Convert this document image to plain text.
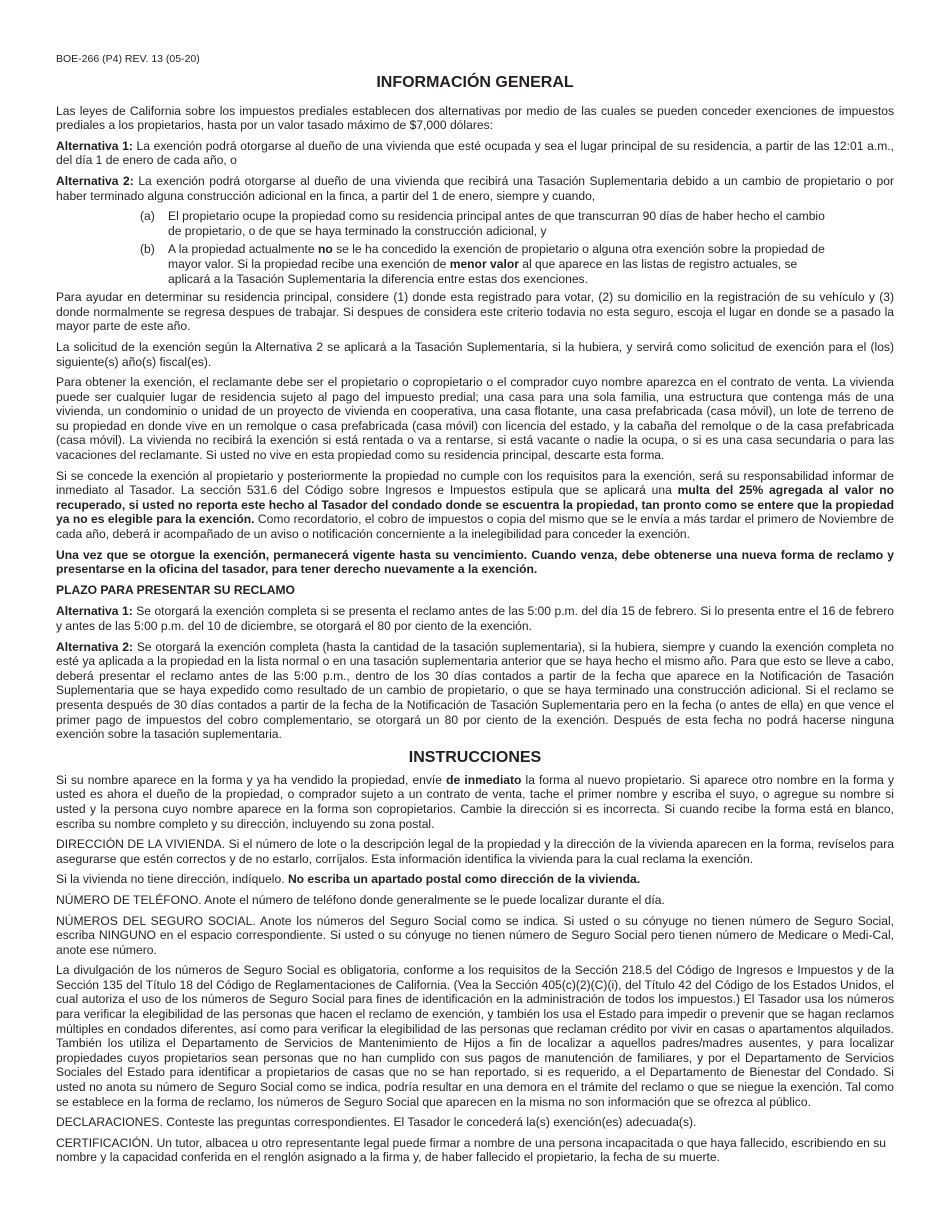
BOE-266 (P4) REV. 13 (05-20)
INFORMACIÓN GENERAL

Las leyes de California sobre los impuestos prediales establecen dos alternativas por medio de las cuales se pueden conceder exenciones de impuestos prediales a los propietarios, hasta por un valor tasado máximo de $7,000 dólares:

Alternativa 1: La exención podrá otorgarse al dueño de una vivienda que esté ocupada y sea el lugar principal de su residencia, a partir de las 12:01 a.m., del día 1 de enero de cada año, o

Alternativa 2: La exención podrá otorgarse al dueño de una vivienda que recibirá una Tasación Suplementaria debido a un cambio de propietario o por haber terminado alguna construcción adicional en la finca, a partir del 1 de enero, siempre y cuando,

(a)	El propietario ocupe la propiedad como su residencia principal antes de que transcurran 90 días de haber hecho el cambio de propietario, o de que se haya terminado la construcción adicional, y
(b)	A la propiedad actualmente no se le ha concedido la exención de propietario o alguna otra exención sobre la propiedad de mayor valor. Si la propiedad recibe una exención de menor valor al que aparece en las listas de registro actuales, se aplicará a la Tasación Suplementaria la diferencia entre estas dos exenciones.

Para ayudar en determinar su residencia principal, considere (1) donde esta registrado para votar, (2) su domicilio en la registración de su vehículo y (3) donde normalmente se regresa despues de trabajar. Si despues de considera este criterio todavia no esta seguro, escoja el lugar en donde se a pasado la mayor parte de este año.

La solicitud de la exención según la Alternativa 2 se aplicará a la Tasación Suplementaria, si la hubiera, y servirá como solicitud de exención para el (los) siguiente(s) año(s) fiscal(es).

Para obtener la exención, el reclamante debe ser el propietario o copropietario o el comprador cuyo nombre aparezca en el contrato de venta. La vivienda puede ser cualquier lugar de residencia sujeto al pago del impuesto predial; una casa para una sola familia, una estructura que contenga más de una vivienda, un condominio o unidad de un proyecto de vivienda en cooperativa, una casa flotante, una casa prefabricada (casa móvil), un lote de terreno de su propiedad en donde vive en un remolque o casa prefabricada (casa móvil) con licencia del estado, y la cabaña del remolque o de la casa prefabricada (casa móvil). La vivienda no recibirá la exención si está rentada o va a rentarse, si está vacante o nadie la ocupa, o si es una casa secundaria o para las vacaciones del reclamante. Si usted no vive en esta propiedad como su residencia principal, descarte esta forma.

Si se concede la exención al propietario y posteriormente la propiedad no cumple con los requisitos para la exención, será su responsabilidad informar de inmediato al Tasador. La sección 531.6 del Código sobre Ingresos e Impuestos estipula que se aplicará una multa del 25% agregada al valor no recuperado, si usted no reporta este hecho al Tasador del condado donde se escuentra la propiedad, tan pronto como se entere que la propiedad ya no es elegible para la exención. Como recordatorio, el cobro de impuestos o copia del mismo que se le envía a más tardar el primero de Noviembre de cada año, deberá ir acompañado de un aviso o notificación concerniente a la inelegibilidad para conceder la exención.

Una vez que se otorgue la exención, permanecerá vigente hasta su vencimiento. Cuando venza, debe obtenerse una nueva forma de reclamo y presentarse en la oficina del tasador, para tener derecho nuevamente a la exención.

PLAZO PARA PRESENTAR SU RECLAMO

Alternativa 1: Se otorgará la exención completa si se presenta el reclamo antes de las 5:00 p.m. del día 15 de febrero. Si lo presenta entre el 16 de febrero y antes de las 5:00 p.m. del 10 de diciembre, se otorgará el 80 por ciento de la exención.

Alternativa 2: Se otorgará la exención completa (hasta la cantidad de la tasación suplementaria), si la hubiera, siempre y cuando la exención completa no esté ya aplicada a la propiedad en la lista normal o en una tasación suplementaria anterior que se haya hecho el mismo año. Para que esto se lleve a cabo, deberá presentar el reclamo antes de las 5:00 p.m., dentro de los 30 días contados a partir de la fecha que aparece en la Notificación de Tasación Suplementaria que se haya expedido como resultado de un cambio de propietario, o que se haya terminado una construcción adicional. Si el reclamo se presenta después de 30 días contados a partir de la fecha de la Notificación de Tasación Suplementaria pero en la fecha (o antes de ella) en que vence el primer pago de impuestos del cobro complementario, se otorgará un 80 por ciento de la exención. Después de esta fecha no podrá hacerse ninguna exención sobre la tasación suplementaria.

INSTRUCCIONES

Si su nombre aparece en la forma y ya ha vendido la propiedad, envíe de inmediato la forma al nuevo propietario. Si aparece otro nombre en la forma y usted es ahora el dueño de la propiedad, o comprador sujeto a un contrato de venta, tache el primer nombre y escriba el suyo, o agregue su nombre si usted y la persona cuyo nombre aparece en la forma son copropietarios. Cambie la dirección si es incorrecta. Si cuando recibe la forma está en blanco, escriba su nombre completo y su dirección, incluyendo su zona postal.

DIRECCIÓN DE LA VIVIENDA. Si el número de lote o la descripción legal de la propiedad y la dirección de la vivienda aparecen en la forma, revíselos para asegurarse que estén correctos y de no estarlo, corríjalos. Esta información identifica la vivienda para la cual reclama la exención.

Si la vivienda no tiene dirección, indíquelo. No escriba un apartado postal como dirección de la vivienda.

NÚMERO DE TELÉFONO. Anote el número de teléfono donde generalmente se le puede localizar durante el día.

NÚMEROS DEL SEGURO SOCIAL. Anote los números del Seguro Social como se indica. Si usted o su cónyuge no tienen número de Seguro Social, escriba NINGUNO en el espacio correspondiente. Si usted o su cónyuge no tienen número de Seguro Social pero tienen número de Medicare o Medi-Cal, anote ese número.

La divulgación de los números de Seguro Social es obligatoria, conforme a los requisitos de la Sección 218.5 del Código de Ingresos e Impuestos y de la Sección 135 del Título 18 del Código de Reglamentaciones de California. (Vea la Sección 405(c)(2)(C)(i), del Título 42 del Código de los Estados Unidos, el cual autoriza el uso de los números de Seguro Social para fines de identificación en la administración de todos los impuestos.) El Tasador usa los números para verificar la elegibilidad de las personas que hacen el reclamo de exención, y también los usa el Estado para impedir o prevenir que se hagan reclamos múltiples en condados diferentes, así como para verificar la elegibilidad de las personas que reclaman crédito por vivir en casas o apartamentos alquilados. También los utiliza el Departamento de Servicios de Mantenimiento de Hijos a fin de localizar a aquellos padres/madres ausentes, y para localizar propiedades cuyos propietarios sean personas que no han cumplido con sus pagos de manutención de familiares, y por el Departamento de Servicios Sociales del Estado para identificar a propietarios de casas que no se han reportado, si es requerido, a el Departamento de Bienestar del Condado. Si usted no anota su número de Seguro Social como se indica, podría resultar en una demora en el trámite del reclamo o que se niegue la exención. Tal como se establece en la forma de reclamo, los números de Seguro Social que aparecen en la misma no son información que se ofrezca al público.

DECLARACIONES. Conteste las preguntas correspondientes. El Tasador le concederá la(s) exención(es) adecuada(s).

CERTIFICACIÓN. Un tutor, albacea u otro representante legal puede firmar a nombre de una persona incapacitada o que haya fallecido, escribiendo en su nombre y la capacidad conferida en el renglón asignado a la firma y, de haber fallecido el propietario, la fecha de su muerte.
